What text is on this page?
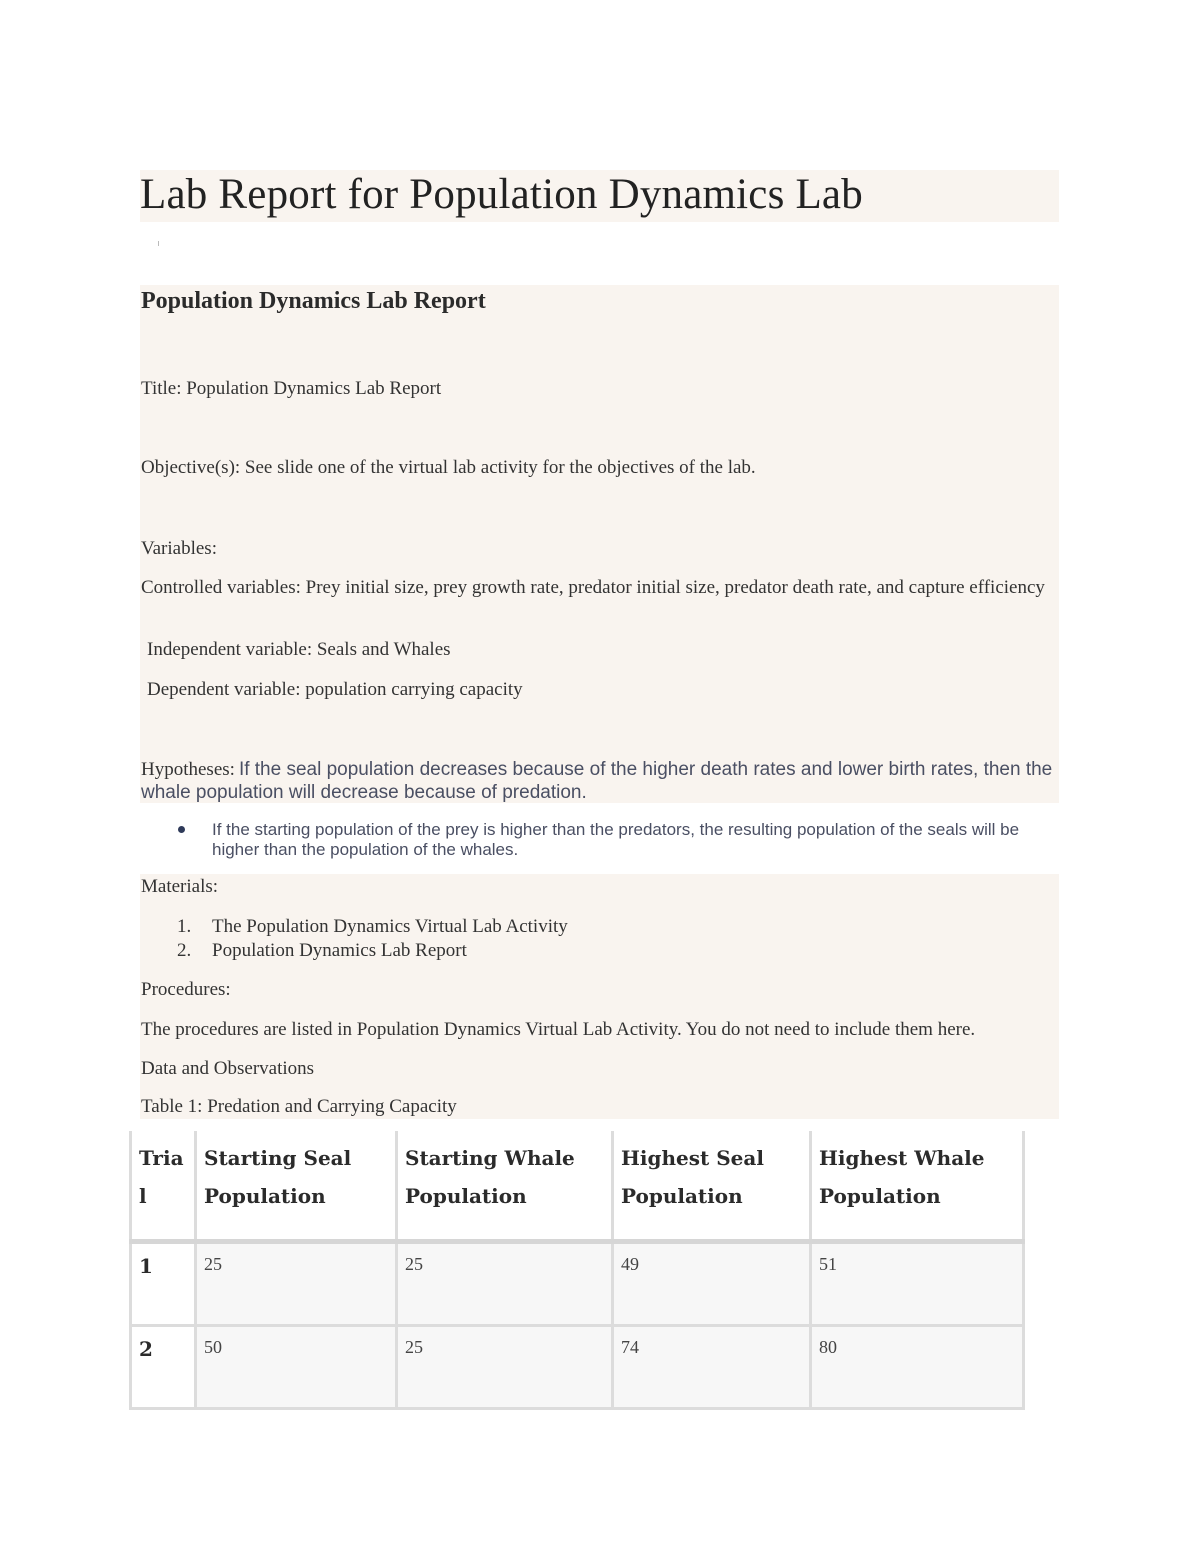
Lab Report for Population Dynamics Lab
Population Dynamics Lab Report
Title: Population Dynamics Lab Report
Objective(s): See slide one of the virtual lab activity for the objectives of the lab.
Variables:
Controlled variables: Prey initial size, prey growth rate, predator initial size, predator death rate, and capture efficiency
Independent variable: Seals and Whales
Dependent variable: population carrying capacity
Hypotheses: If the seal population decreases because of the higher death rates and lower birth rates, then the whale population will decrease because of predation.
If the starting population of the prey is higher than the predators, the resulting population of the seals will be higher than the population of the whales.
Materials:
1. The Population Dynamics Virtual Lab Activity
2. Population Dynamics Lab Report
Procedures:
The procedures are listed in Population Dynamics Virtual Lab Activity. You do not need to include them here.
Data and Observations
Table 1: Predation and Carrying Capacity
Trial	Starting Seal Population	Starting Whale Population	Highest Seal Population	Highest Whale Population
1	25	25	49	51
2	50	25	74	80
